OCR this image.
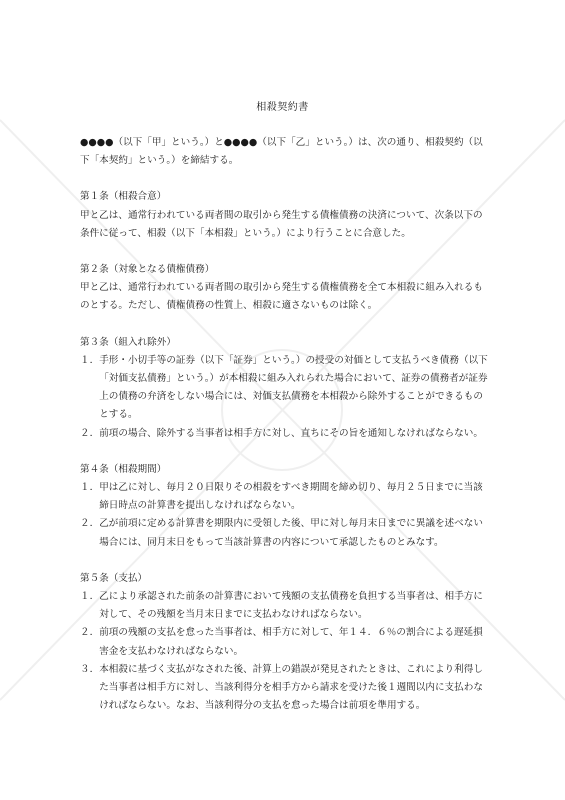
相殺契約書

●●●●（以下「甲」という。）と●●●●（以下「乙」という。）は、次の通り、相殺契約（以下「本契約」という。）を締結する。

第１条（相殺合意）

甲と乙は、通常行われている両者間の取引から発生する債権債務の決済について、次条以下の条件に従って、相殺（以下「本相殺」という。）により行うことに合意した。

第２条（対象となる債権債務）

甲と乙は、通常行われている両者間の取引から発生する債権債務を全て本相殺に組み入れるものとする。ただし、債権債務の性質上、相殺に適さないものは除く。

第３条（組入れ除外）

１． 手形・小切手等の証券（以下「証券」という。）の授受の対価として支払うべき債務（以下「対価支払債務」という。）が本相殺に組み入れられた場合において、証券の債務者が証券上の債務の弁済をしない場合には、対価支払債務を本相殺から除外することができるものとする。
２． 前項の場合、除外する当事者は相手方に対し、直ちにその旨を通知しなければならない。

第４条（相殺期間）

１． 甲は乙に対し、毎月２０日限りその相殺をすべき期間を締め切り、毎月２５日までに当該締日時点の計算書を提出しなければならない。
２． 乙が前項に定める計算書を期限内に受領した後、甲に対し毎月末日までに異議を述べない場合には、同月末日をもって当該計算書の内容について承認したものとみなす。

第５条（支払）

１． 乙により承認された前条の計算書において残額の支払債務を負担する当事者は、相手方に対して、その残額を当月末日までに支払わなければならない。
２． 前項の残額の支払を怠った当事者は、相手方に対して、年１４．６％の割合による遅延損害金を支払わなければならない。
３． 本相殺に基づく支払がなされた後、計算上の錯誤が発見されたときは、これにより利得した当事者は相手方に対し、当該利得分を相手方から請求を受けた後１週間以内に支払わなければならない。なお、当該利得分の支払を怠った場合は前項を準用する。
